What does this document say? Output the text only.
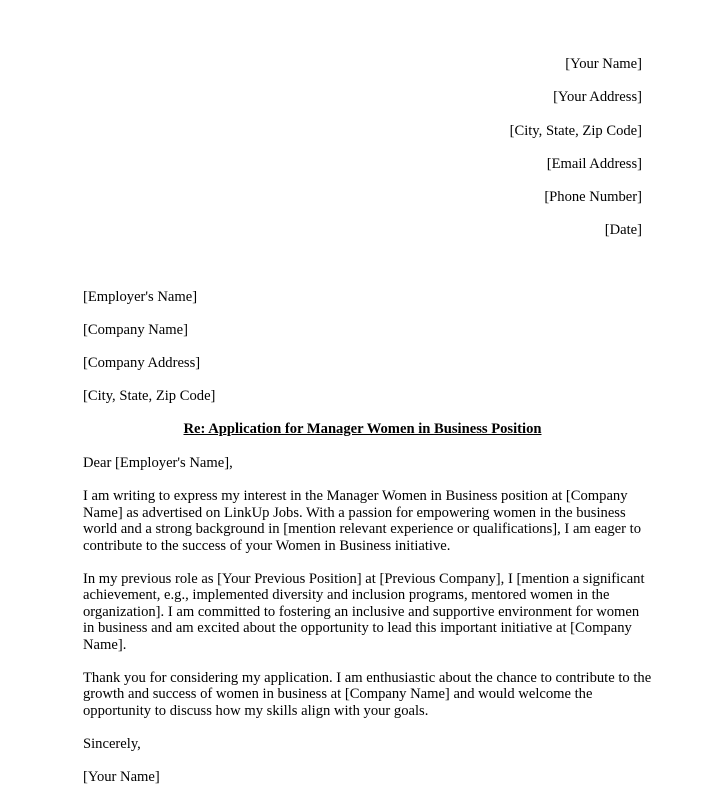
[Your Name]
[Your Address]
[City, State, Zip Code]
[Email Address]
[Phone Number]
[Date]
[Employer's Name]
[Company Name]
[Company Address]
[City, State, Zip Code]
Re: Application for Manager Women in Business Position

Dear [Employer's Name],

I am writing to express my interest in the Manager Women in Business position at [Company
Name] as advertised on LinkUp Jobs. With a passion for empowering women in the business
world and a strong background in [mention relevant experience or qualifications], I am eager to
contribute to the success of your Women in Business initiative.

In my previous role as [Your Previous Position] at [Previous Company], I [mention a significant
achievement, e.g., implemented diversity and inclusion programs, mentored women in the
organization]. I am committed to fostering an inclusive and supportive environment for women
in business and am excited about the opportunity to lead this important initiative at [Company
Name].

Thank you for considering my application. I am enthusiastic about the chance to contribute to the
growth and success of women in business at [Company Name] and would welcome the
opportunity to discuss how my skills align with your goals.

Sincerely,

[Your Name]
